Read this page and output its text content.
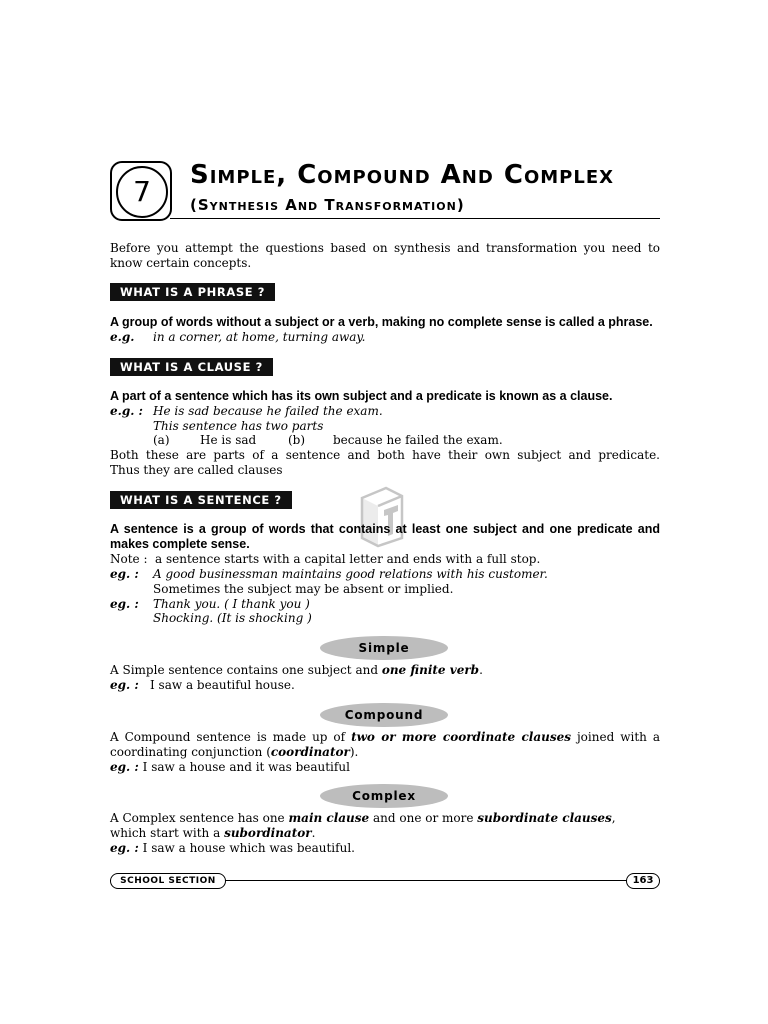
7	Simple, Compound And Complex
(Synthesis And Transformation)
Before you attempt the questions based on synthesis and transformation you need to
know certain concepts.
WHAT IS A PHRASE ?
A group of words without a subject or a verb, making no complete sense is called a phrase.
e.g. in a corner, at home, turning away.
WHAT IS A CLAUSE ?
A part of a sentence which has its own subject and a predicate is known as a clause.
e.g. : He is sad because he failed the exam.
This sentence has two parts
(a)	He is sad	(b) because he failed the exam.
Both these are parts of a sentence and both have their own subject and predicate.
Thus they are called clauses
WHAT IS A SENTENCE ?
A sentence is a group of words that contains at least one subject and one predicate and
makes complete sense.
Note : a sentence starts with a capital letter and ends with a full stop.
eg. : A good businessman maintains good relations with his customer.
Sometimes the subject may be absent or implied.
eg. : Thank you. ( I thank you )
Shocking. (It is shocking )
Simple
A Simple sentence contains one subject and one finite verb.
eg. : I saw a beautiful house.
Compound
A Compound sentence is made up of two or more coordinate clauses joined with a
coordinating conjunction (coordinator).
eg. : I saw a house and it was beautiful
Complex
A Complex sentence has one main clause and one or more subordinate clauses,
which start with a subordinator.
eg. : I saw a house which was beautiful.
SCHOOL SECTION	163
